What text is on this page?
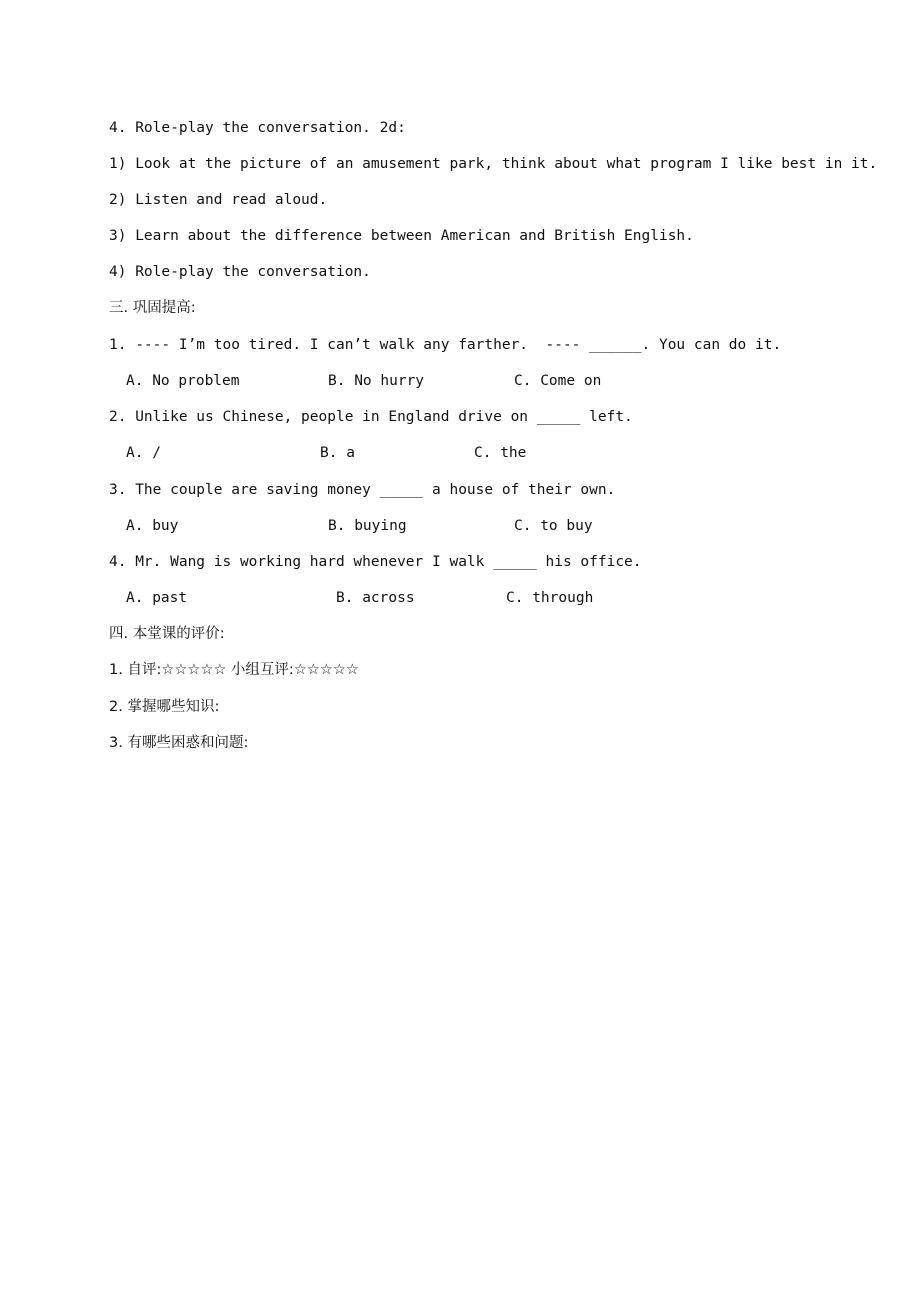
4. Role-play the conversation. 2d:
1) Look at the picture of an amusement park, think about what program I like best in it.
2) Listen and read aloud.
3) Learn about the difference between American and British English.
4) Role-play the conversation.
三. 巩固提高:
1. ---- I’m too tired. I can’t walk any farther.  ---- ______. You can do it.
A. No problem	B. No hurry	C. Come on
2. Unlike us Chinese, people in England drive on _____ left.
A. /	B. a	C. the
3. The couple are saving money _____ a house of their own.
A. buy	B. buying	C. to buy
4. Mr. Wang is working hard whenever I walk _____ his office.
A. past	B. across	C. through
四. 本堂课的评价:
1. 自评:☆☆☆☆☆ 小组互评:☆☆☆☆☆
2. 掌握哪些知识:
3. 有哪些困惑和问题:
